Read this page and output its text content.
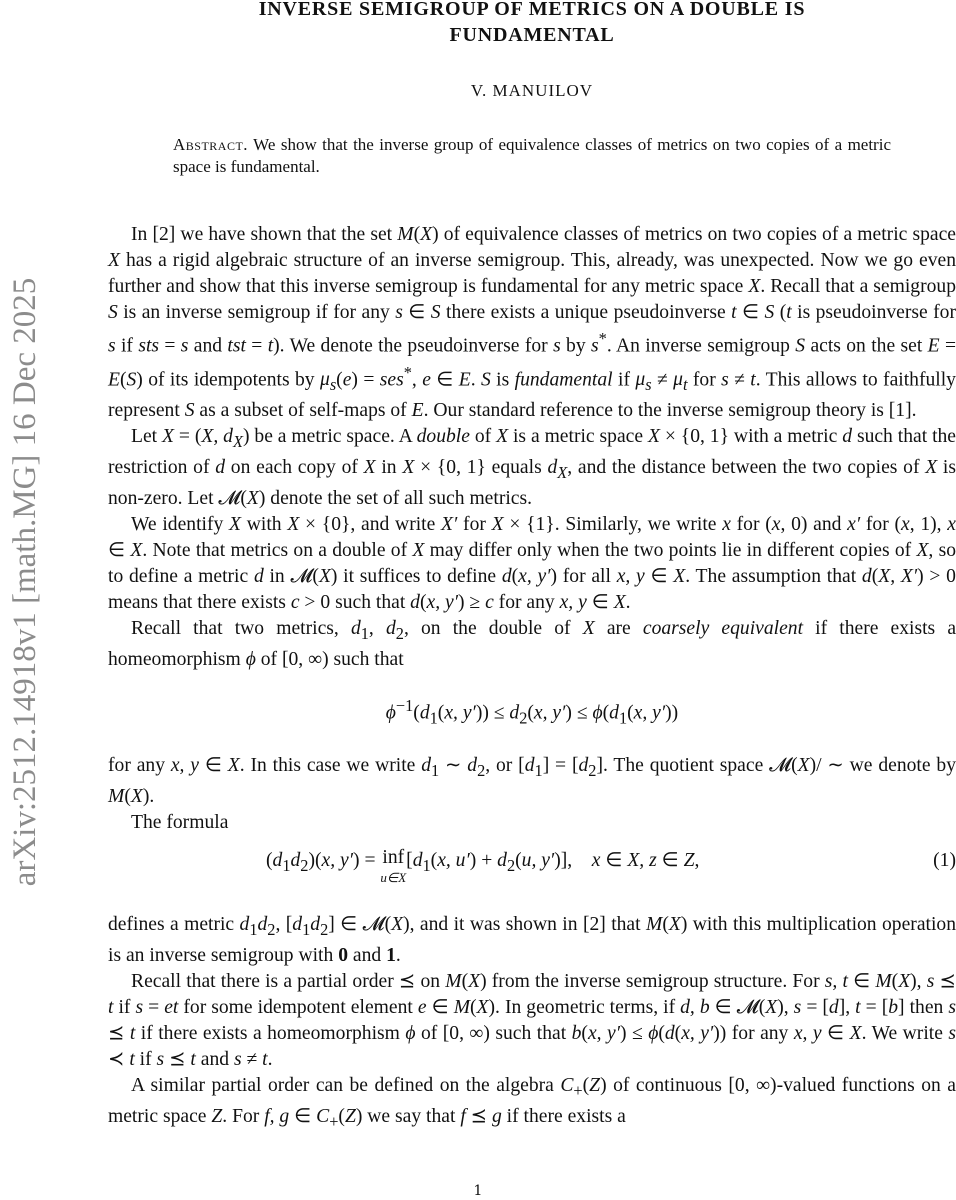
arXiv:2512.14918v1 [math.MG] 16 Dec 2025
INVERSE SEMIGROUP OF METRICS ON A DOUBLE IS
FUNDAMENTAL
V. MANUILOV
Abstract. We show that the inverse group of equivalence classes of metrics on two copies of a metric space is fundamental.

In [2] we have shown that the set M(X) of equivalence classes of metrics on two copies of a metric space X has a rigid algebraic structure of an inverse semigroup. This, already, was unexpected. Now we go even further and show that this inverse semigroup is fundamental for any metric space X. Recall that a semigroup S is an inverse semigroup if for any s ∈ S there exists a unique pseudoinverse t ∈ S (t is pseudoinverse for s if sts = s and tst = t). We denote the pseudoinverse for s by s*. An inverse semigroup S acts on the set E = E(S) of its idempotents by $\mu_s(e) = ses^*$, e ∈ E. S is fundamental if $\mu_s \ne \mu_t$ for s ≠ t. This allows to faithfully represent S as a subset of self-maps of E. Our standard reference to the inverse semigroup theory is [1].

Let X = (X, $d_X$) be a metric space. A double of X is a metric space X × {0, 1} with a metric d such that the restriction of d on each copy of X in X × {0, 1} equals $d_X$, and the distance between the two copies of X is non-zero. Let 𝓜(X) denote the set of all such metrics.

We identify X with X × {0}, and write X′ for X × {1}. Similarly, we write x for (x, 0) and x′ for (x, 1), x ∈ X. Note that metrics on a double of X may differ only when the two points lie in different copies of X, so to define a metric d in 𝓜(X) it suffices to define d(x, y′) for all x, y ∈ X. The assumption that d(X, X′) > 0 means that there exists c > 0 such that d(x, y′) ≥ c for any x, y ∈ X.

Recall that two metrics, $d_1$, $d_2$, on the double of X are coarsely equivalent if there exists a homeomorphism ϕ of [0, ∞) such that

$\phi^{-1}(d_1(x$, $y')) \le d_2(x$, $y') \le \phi(d_1(x$, y′))

for any x, y ∈ X. In this case we write $d_1$ ∼ $d_2$, or $[d_1] = [d_2]$. The quotient space 𝓜(X)/ ∼ we denote by M(X).

The formula

$(d_1d_2)(x$, y′) = inf
u∈X
[$d_1(x$, $u') + d_2(u$, y′)],    x ∈ X, z ∈ Z,	(1)

defines a metric $d_1d_2$, $[d_1d_2]$ ∈ 𝓜(X), and it was shown in [2] that M(X) with this multiplication operation is an inverse semigroup with 0 and 1.

Recall that there is a partial order ⪯ on M(X) from the inverse semigroup structure. For s, t ∈ M(X), s ⪯ t if s = et for some idempotent element e ∈ M(X). In geometric terms, if d, b ∈ 𝓜(X), s = [d], t = [b] then s ⪯ t if there exists a homeomorphism ϕ of [0, ∞) such that b(x, y′) ≤ ϕ(d(x, y′)) for any x, y ∈ X. We write s ≺ t if s ⪯ t and s ≠ t.

A similar partial order can be defined on the algebra $C_+(Z)$ of continuous [0, ∞)-valued functions on a metric space Z. For f, g ∈ $C_+(Z)$ we say that f ⪯ g if there exists a

1
